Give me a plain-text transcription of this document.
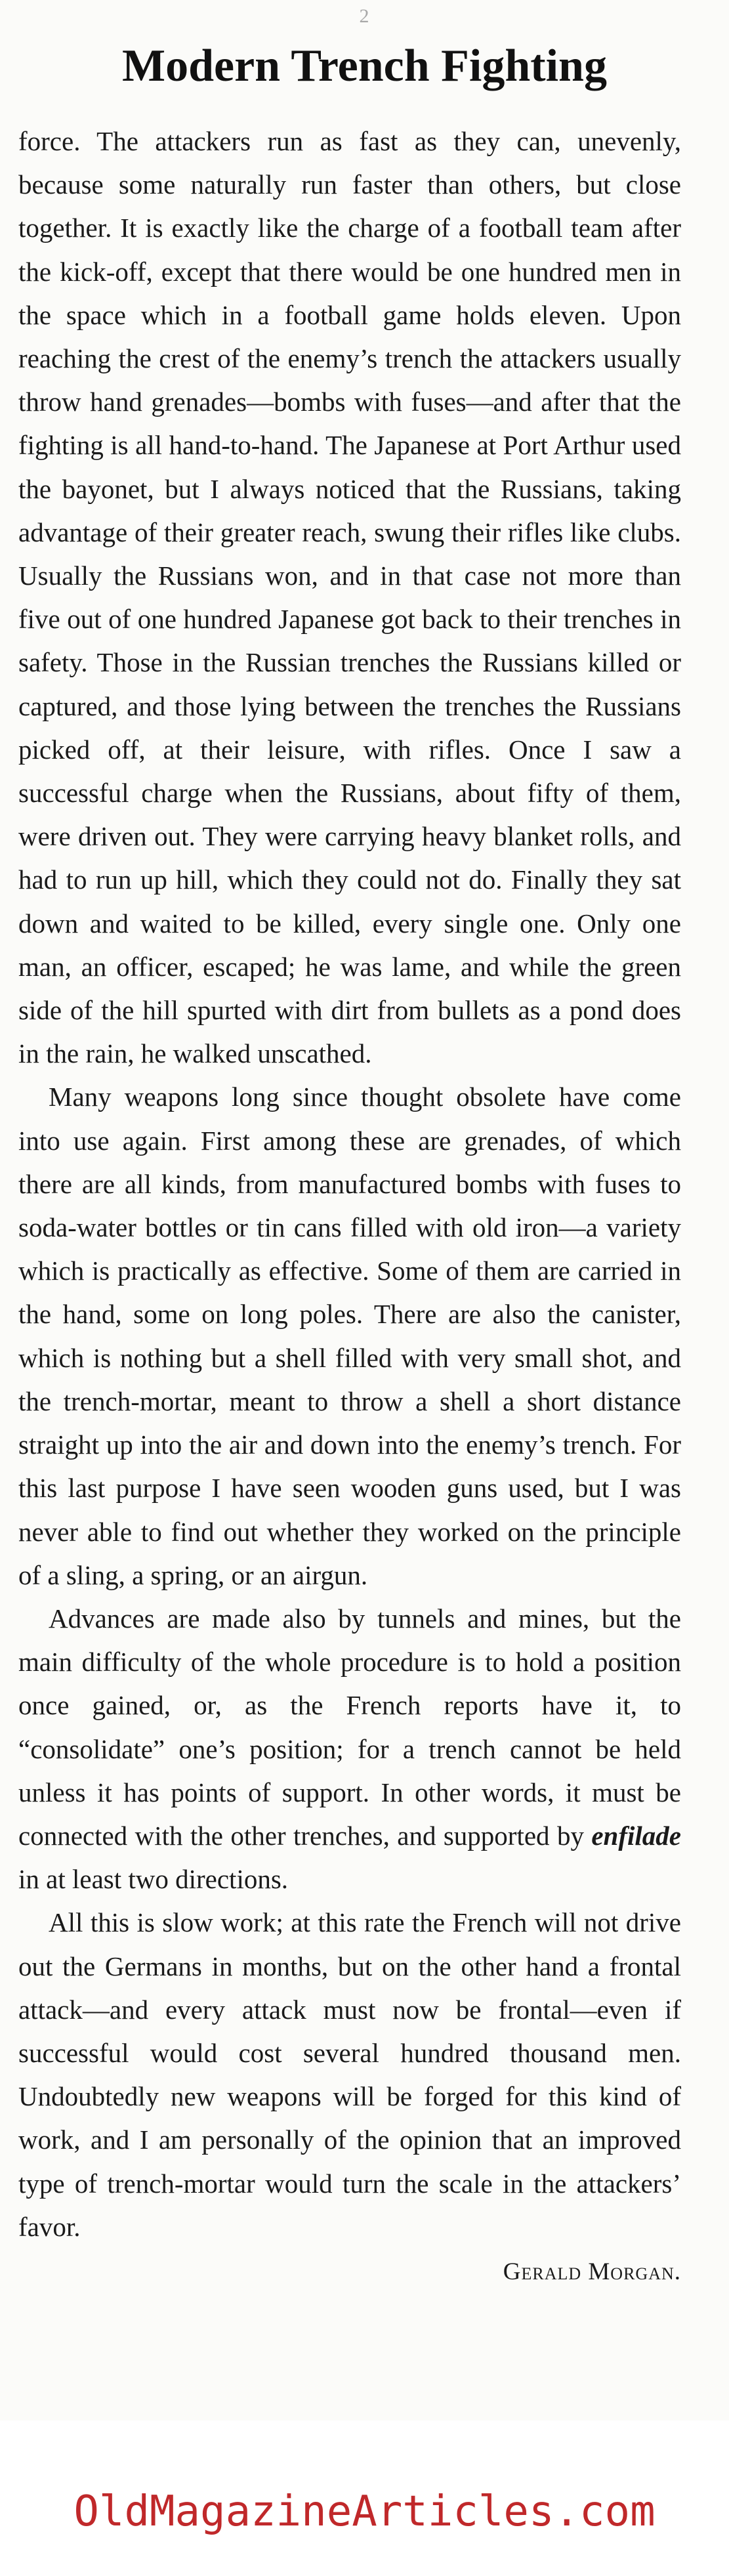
2
Modern Trench Fighting

force. The attackers run as fast as they can, unevenly, because some naturally run faster than others, but close together. It is exactly like the charge of a football team after the kick-off, except that there would be one hundred men in the space which in a football game holds eleven. Upon reaching the crest of the enemy’s trench the attackers usually throw hand grenades—bombs with fuses—and after that the fighting is all hand-to-hand. The Japanese at Port Arthur used the bayonet, but I always noticed that the Russians, taking advantage of their greater reach, swung their rifles like clubs. Usually the Russians won, and in that case not more than five out of one hundred Japanese got back to their trenches in safety. Those in the Russian trenches the Russians killed or captured, and those lying between the trenches the Russians picked off, at their leisure, with rifles. Once I saw a successful charge when the Russians, about fifty of them, were driven out. They were carrying heavy blanket rolls, and had to run up hill, which they could not do. Finally they sat down and waited to be killed, every single one. Only one man, an officer, escaped; he was lame, and while the green side of the hill spurted with dirt from bullets as a pond does in the rain, he walked unscathed.

Many weapons long since thought obsolete have come into use again. First among these are grenades, of which there are all kinds, from manufactured bombs with fuses to soda-water bottles or tin cans filled with old iron—a variety which is practically as effective. Some of them are carried in the hand, some on long poles. There are also the canister, which is nothing but a shell filled with very small shot, and the trench-mortar, meant to throw a shell a short distance straight up into the air and down into the enemy’s trench. For this last purpose I have seen wooden guns used, but I was never able to find out whether they worked on the principle of a sling, a spring, or an airgun.

Advances are made also by tunnels and mines, but the main difficulty of the whole procedure is to hold a position once gained, or, as the French reports have it, to “consolidate” one’s position; for a trench cannot be held unless it has points of support. In other words, it must be connected with the other trenches, and supported by enfilade in at least two directions.

All this is slow work; at this rate the French will not drive out the Germans in months, but on the other hand a frontal attack—and every attack must now be frontal—even if successful would cost several hundred thousand men. Undoubtedly new weapons will be forged for this kind of work, and I am personally of the opinion that an improved type of trench-mortar would turn the scale in the attackers’ favor.

Gerald Morgan.

OldMagazineArticles.com
